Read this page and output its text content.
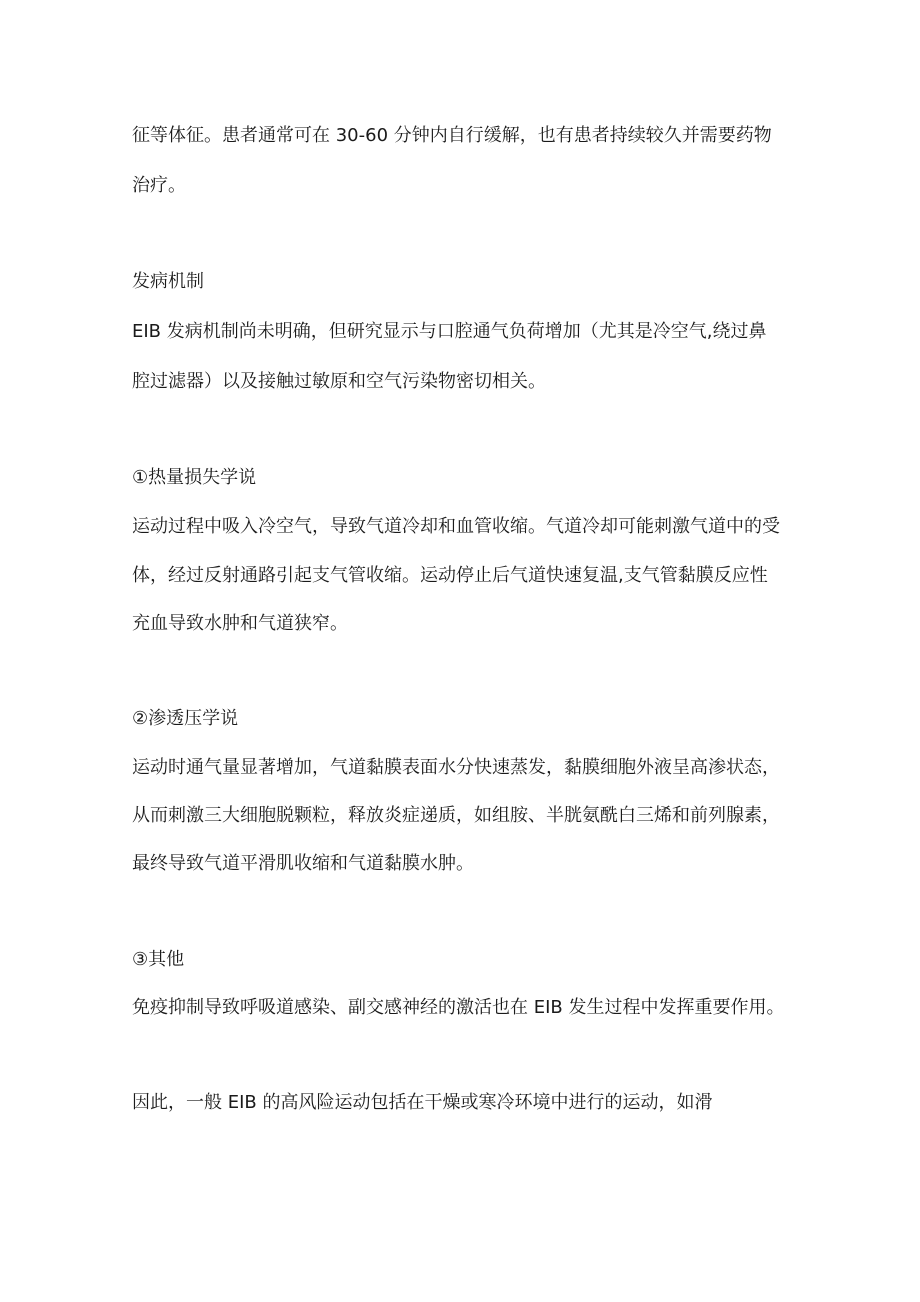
征等体征。患者通常可在 30-60 分钟内自行缓解，也有患者持续较久并需要药物

治疗。

发病机制

EIB 发病机制尚未明确，但研究显示与口腔通气负荷增加（尤其是冷空气,绕过鼻

腔过滤器）以及接触过敏原和空气污染物密切相关。

①热量损失学说

运动过程中吸入冷空气，导致气道冷却和血管收缩。气道冷却可能刺激气道中的受

体，经过反射通路引起支气管收缩。运动停止后气道快速复温,支气管黏膜反应性

充血导致水肿和气道狭窄。

②渗透压学说

运动时通气量显著增加，气道黏膜表面水分快速蒸发，黏膜细胞外液呈高渗状态，

从而刺激三大细胞脱颗粒，释放炎症递质，如组胺、半胱氨酰白三烯和前列腺素，

最终导致气道平滑肌收缩和气道黏膜水肿。

③其他

免疫抑制导致呼吸道感染、副交感神经的激活也在 EIB 发生过程中发挥重要作用。

因此，一般 EIB 的高风险运动包括在干燥或寒冷环境中进行的运动，如滑
